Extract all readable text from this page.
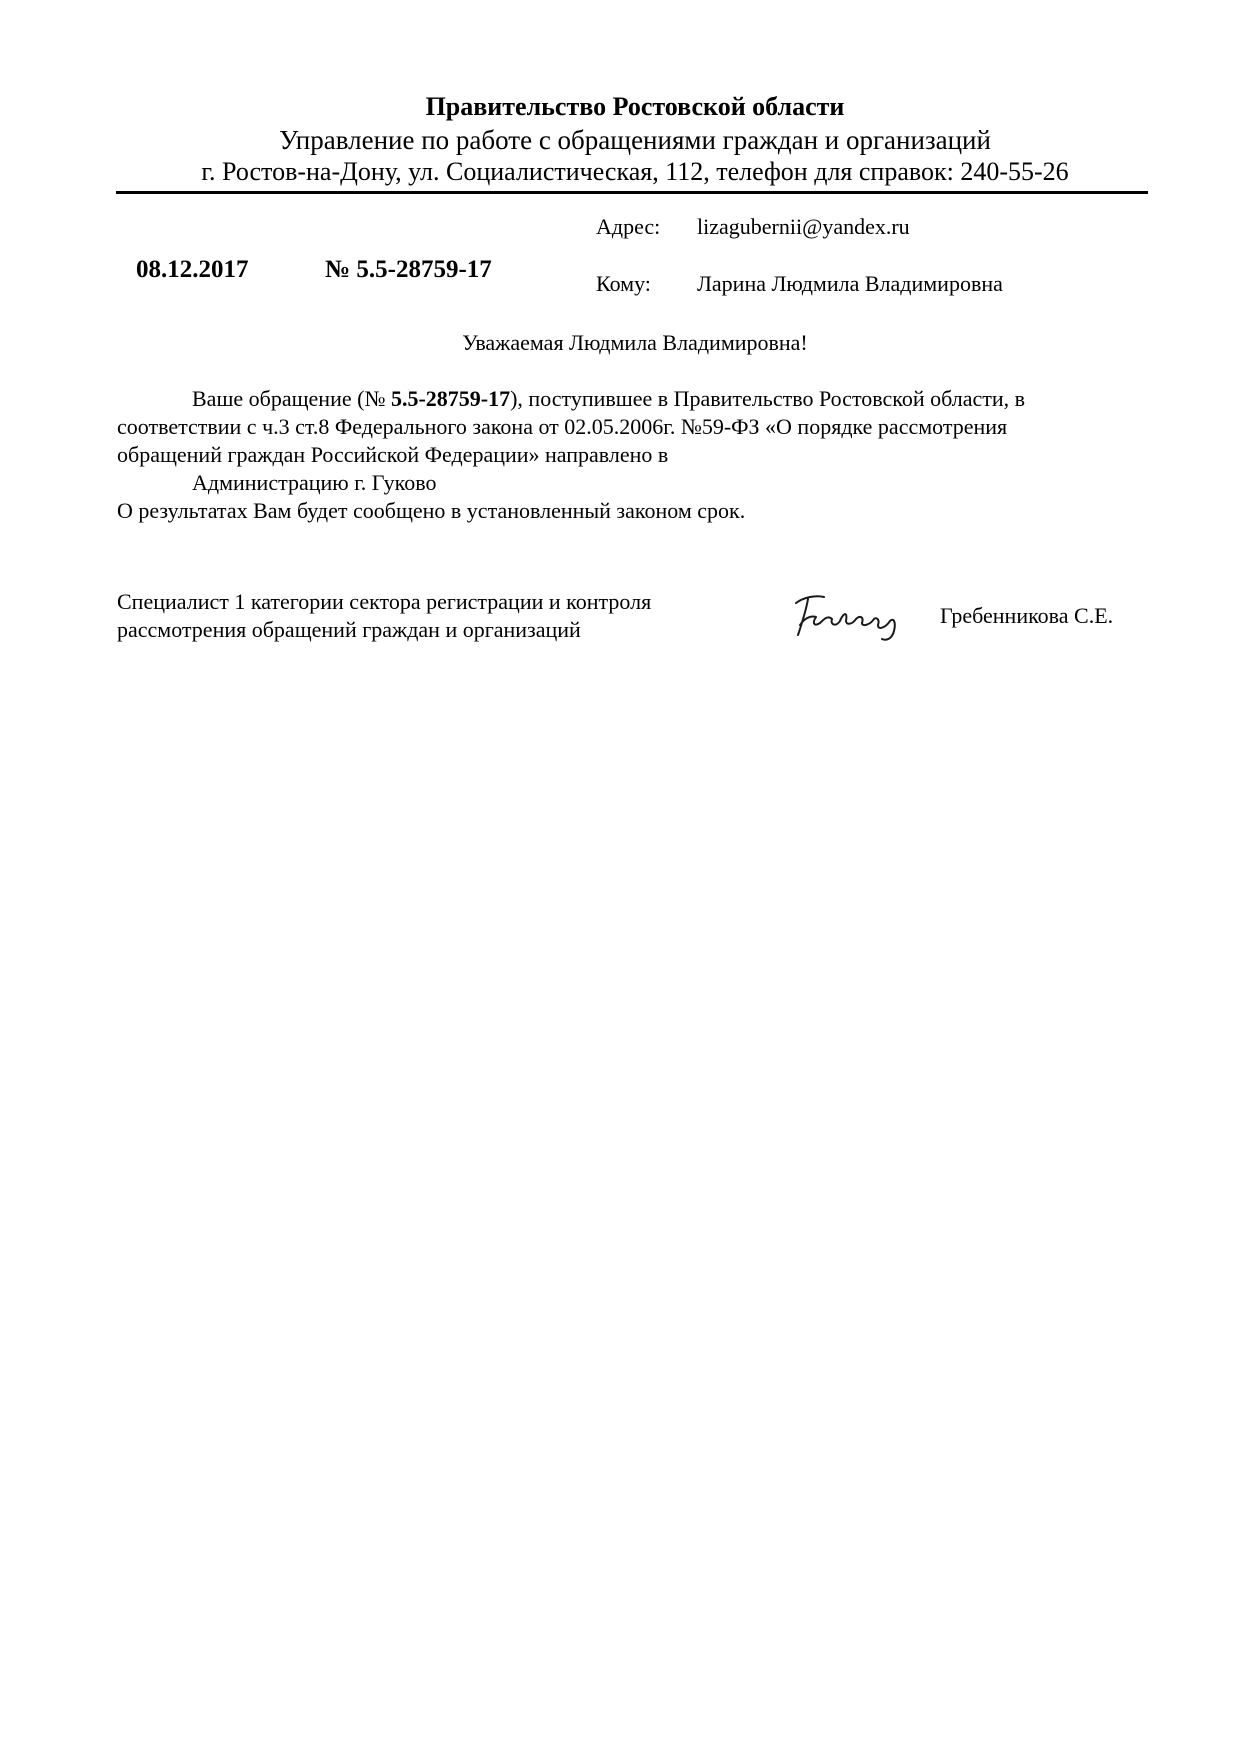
Правительство Ростовской области
Управление по работе с обращениями граждан и организаций
г. Ростов-на-Дону, ул. Социалистическая, 112, телефон для справок: 240-55-26
Адрес: lizagubernii@yandex.ru
08.12.2017	№ 5.5-28759-17
Кому: Ларина Людмила Владимировна
Уважаемая Людмила Владимировна!

Ваше обращение (№ 5.5-28759-17), поступившее в Правительство Ростовской области, в

соответствии с ч.3 ст.8 Федерального закона от 02.05.2006г. №59-ФЗ «О порядке рассмотрения

обращений граждан Российской Федерации» направлено в

Администрацию г. Гуково

О результатах Вам будет сообщено в установленный законом срок.

Специалист 1 категории сектора регистрации и контроля
рассмотрения обращений граждан и организаций
Гребенникова С.Е.
